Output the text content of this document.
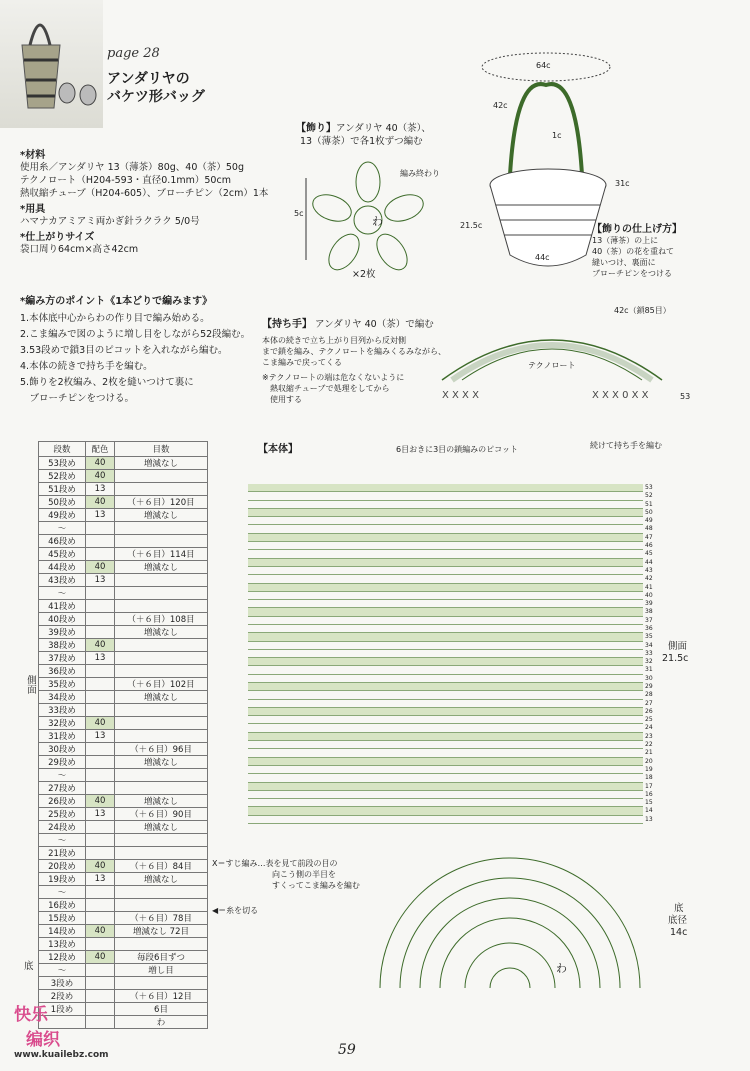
page 28
アンダリヤの
バケツ形バッグ
*材料
使用糸／アンダリヤ 13（薄茶）80g、40（茶）50g
テクノロート（H204-593・直径0.1mm）50cm
熱収縮チューブ（H204-605）、ブローチピン（2cm）1本
*用具
ハマナカアミアミ両かぎ針ラクラク 5/0号
*仕上がりサイズ
袋口周り64cm×高さ42cm
*編み方のポイント《1本どりで編みます》
1.本体底中心からわの作り目で編み始める。
2.こま編みで図のように増し目をしながら52段編む。
3.53段めで鎖3目のピコットを入れながら編む。
4.本体の続きで持ち手を編む。
5.飾りを2枚編み、2枚を縫いつけて裏に
　ブローチピンをつける。
【飾り】アンダリヤ 40（茶）、
13（薄茶）で各1枚ずつ編む
わ
編み終わり
5c
×2枚
64c
42c
1c
21.5c
31c
44c
【飾りの仕上げ方】
13（薄茶）の上に
40（茶）の花を重ねて
縫いつけ、裏面に
ブローチピンをつける
【持ち手】 アンダリヤ 40（茶）で編む
本体の続きで立ち上がり目列から反対側
まで鎖を編み、テクノロートを編みくるみながら、
こま編みで戻ってくる
※テクノロートの端は危なくないように
　熱収縮チューブで処理をしてから
　使用する	X X X X	X X X 0 X X
42c（鎖85目）
テクノロート
53
【本体】	6目おきに3目の鎖編みのピコット	続けて持ち手を編む
53
52
51
50
49
48
47
46
45
44
43
42
41
40
39
38
37
36
35
34
33
32
31
30
29
28
27
26
25
24
23
22
21
20
19
18
17
16
15
14
13
側面
21.5c
わ
底
底径
14c
X＝すじ編み…表を見て前段の目の
向こう側の半目を
すくってこま編みを編む
◀＝糸を切る
	段数	配色	目数
	53段め	40	増減なし
	52段め	40	
	51段め	13	
	50段め	40	（＋６目）120目
	49段め	13	増減なし
	～		
	46段め		
	45段め		（＋６目）114目
	44段め	40	増減なし
	43段め	13	
	～		
	41段め		
	40段め		（＋６目）108目
	39段め		増減なし
	38段め	40	
	37段め	13	
	36段め		
	35段め		（＋６目）102目
	34段め		増減なし
	33段め		
	32段め	40	
	31段め	13	
	30段め		（＋６目）96目
	29段め		増減なし
	～		
	27段め		
	26段め	40	増減なし
	25段め	13	（＋６目）90目
	24段め		増減なし
	～		
	21段め		
	20段め	40	（＋６目）84目
	19段め	13	増減なし
	～		
	16段め		
	15段め		（＋６目）78目
	14段め	40	増減なし 72目
	13段め		
	12段め	40	毎段6目ずつ
	～		増し目
	3段め		
	2段め		（＋６目）12目
	1段め		6目
			わ
側面
底
快乐
编织
www.kuailebz.com	59
